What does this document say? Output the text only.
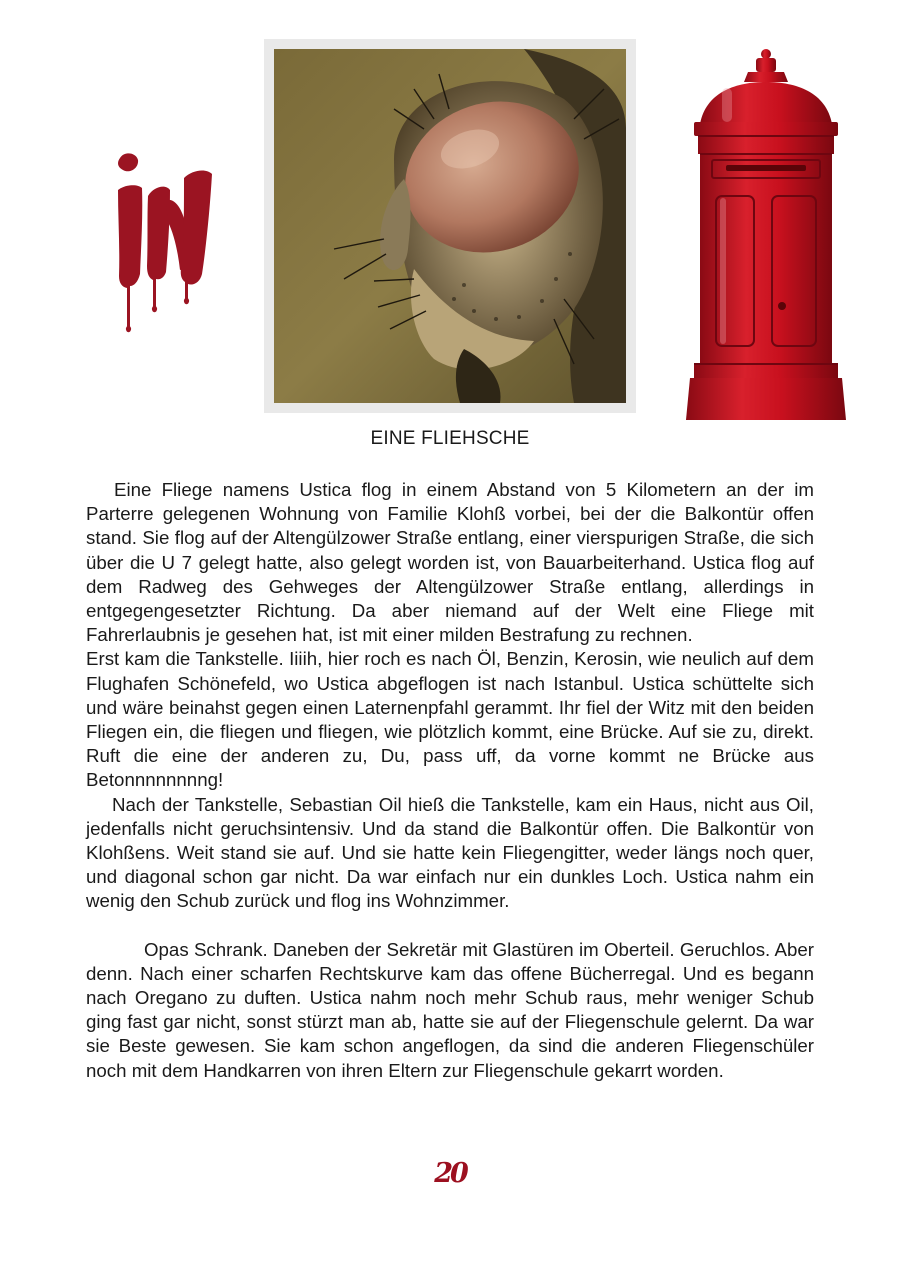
EINE FLIEHSCHE

Eine Fliege namens Ustica flog in einem Abstand von 5 Kilometern an der im Parterre gelegenen Wohnung von Familie Klohß vorbei, bei der die Balkontür offen stand. Sie flog auf der Altengülzower Straße entlang, einer vierspurigen Straße, die sich über die U 7 gelegt hatte, also gelegt worden ist, von Bauarbeiterhand. Ustica flog auf dem Radweg des Gehweges der Altengülzower Straße entlang, allerdings in entgegengesetzter Richtung. Da aber niemand auf der Welt eine Fliege mit Fahrerlaubnis je gesehen hat, ist mit einer milden Bestrafung zu rechnen.

Erst kam die Tankstelle. Iiiih, hier roch es nach Öl, Benzin, Kerosin, wie neulich auf dem Flughafen Schönefeld, wo Ustica abgeflogen ist nach Istanbul. Ustica schüttelte sich und wäre beinahst gegen einen Laternenpfahl gerammt. Ihr fiel der Witz mit den beiden Fliegen ein, die fliegen und fliegen, wie plötzlich kommt, eine Brücke. Auf sie zu, direkt. Ruft die eine der anderen zu, Du, pass uff, da vorne kommt ne Brücke aus Betonnnnnnnng!

Nach der Tankstelle, Sebastian Oil hieß die Tankstelle, kam ein Haus, nicht aus Oil, jedenfalls nicht geruchsintensiv. Und da stand die Balkontür offen. Die Balkontür von Klohßens. Weit stand sie auf. Und sie hatte kein Fliegengitter, weder längs noch quer, und diagonal schon gar nicht. Da war einfach nur ein dunkles Loch. Ustica nahm ein wenig den Schub zurück und flog ins Wohnzimmer.

Opas Schrank. Daneben der Sekretär mit Glastüren im Oberteil. Geruchlos. Aber denn. Nach einer scharfen Rechtskurve kam das offene Bücherregal. Und es begann nach Oregano zu duften. Ustica nahm noch mehr Schub raus, mehr weniger Schub ging fast gar nicht, sonst stürzt man ab, hatte sie auf der Fliegenschule gelernt. Da war sie Beste gewesen. Sie kam schon angeflogen, da sind die anderen Fliegenschüler noch mit dem Handkarren von ihren Eltern zur Fliegenschule gekarrt worden.

20
